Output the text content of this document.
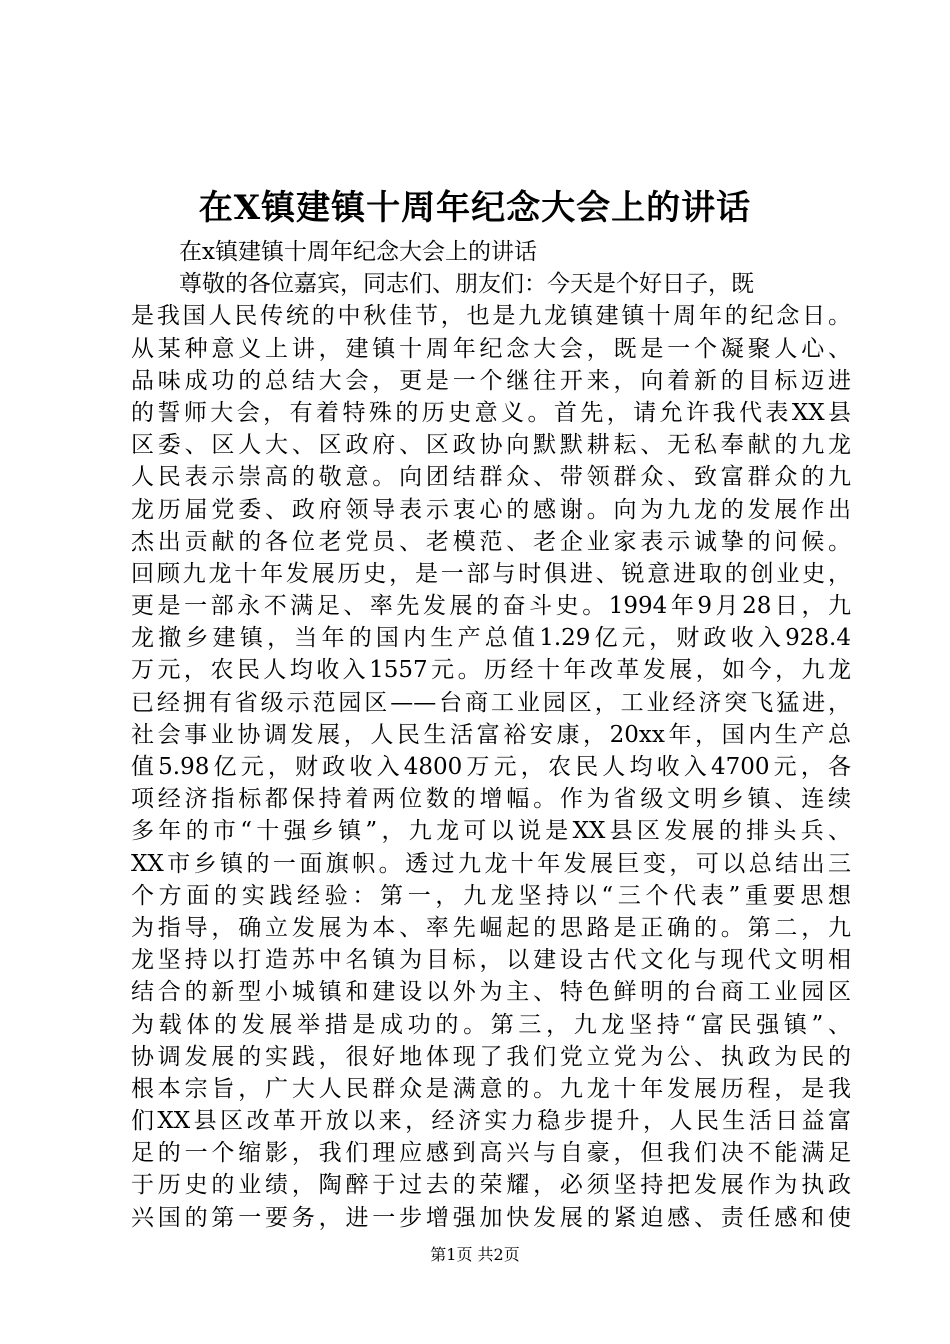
在X镇建镇十周年纪念大会上的讲话
在x镇建镇十周年纪念大会上的讲话
尊敬的各位嘉宾，同志们、朋友们：今天是个好日子，既
是我国人民传统的中秋佳节，也是九龙镇建镇十周年的纪念日。
从某种意义上讲，建镇十周年纪念大会，既是一个凝聚人心、
品味成功的总结大会，更是一个继往开来，向着新的目标迈进
的誓师大会，有着特殊的历史意义。首先，请允许我代表XX县
区委、区人大、区政府、区政协向默默耕耘、无私奉献的九龙
人民表示崇高的敬意。向团结群众、带领群众、致富群众的九
龙历届党委、政府领导表示衷心的感谢。向为九龙的发展作出
杰出贡献的各位老党员、老模范、老企业家表示诚挚的问候。
回顾九龙十年发展历史，是一部与时俱进、锐意进取的创业史，
更是一部永不满足、率先发展的奋斗史。1994年9月28日，九
龙撤乡建镇，当年的国内生产总值1.29亿元，财政收入928.4
万元，农民人均收入1557元。历经十年改革发展，如今，九龙
已经拥有省级示范园区——台商工业园区，工业经济突飞猛进，
社会事业协调发展，人民生活富裕安康，20xx年，国内生产总
值5.98亿元，财政收入4800万元，农民人均收入4700元，各
项经济指标都保持着两位数的增幅。作为省级文明乡镇、连续
多年的市“十强乡镇”，九龙可以说是XX县区发展的排头兵、
XX市乡镇的一面旗帜。透过九龙十年发展巨变，可以总结出三
个方面的实践经验：第一，九龙坚持以“三个代表”重要思想
为指导，确立发展为本、率先崛起的思路是正确的。第二，九
龙坚持以打造苏中名镇为目标，以建设古代文化与现代文明相
结合的新型小城镇和建设以外为主、特色鲜明的台商工业园区
为载体的发展举措是成功的。第三，九龙坚持“富民强镇”、
协调发展的实践，很好地体现了我们党立党为公、执政为民的
根本宗旨，广大人民群众是满意的。九龙十年发展历程，是我
们XX县区改革开放以来，经济实力稳步提升，人民生活日益富
足的一个缩影，我们理应感到高兴与自豪，但我们决不能满足
于历史的业绩，陶醉于过去的荣耀，必须坚持把发展作为执政
兴国的第一要务，进一步增强加快发展的紧迫感、责任感和使
第1页 共2页
